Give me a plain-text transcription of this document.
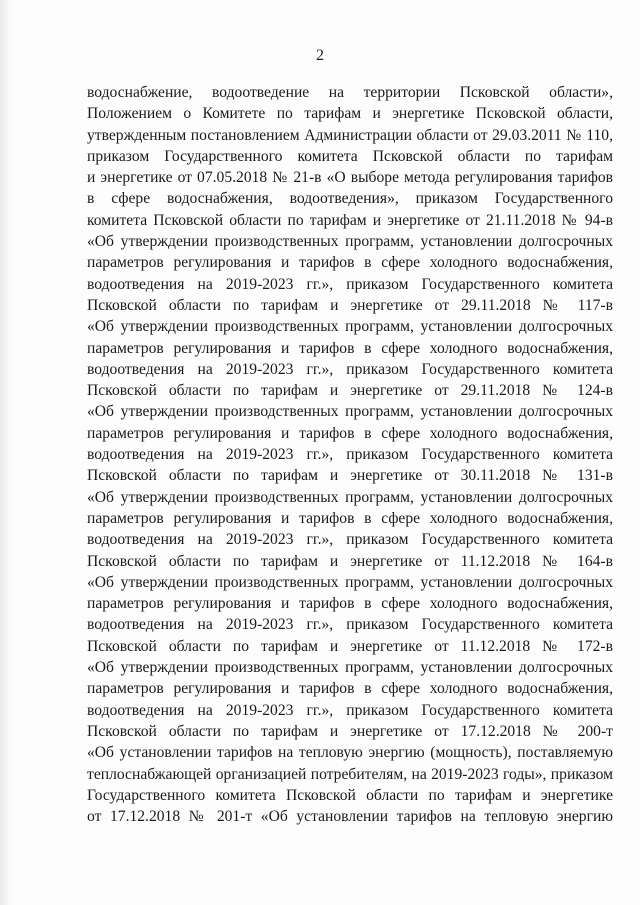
2
водоснабжение, водоотведение на территории Псковской области»,
Положением о Комитете по тарифам и энергетике Псковской области,
утвержденным постановлением Администрации области от 29.03.2011 № 110,
приказом Государственного комитета Псковской области по тарифам
и энергетике от 07.05.2018 № 21-в «О выборе метода регулирования тарифов
в сфере водоснабжения, водоотведения», приказом Государственного
комитета Псковской области по тарифам и энергетике от 21.11.2018 № 94-в
«Об утверждении производственных программ, установлении долгосрочных
параметров регулирования и тарифов в сфере холодного водоснабжения,
водоотведения на 2019-2023 гг.», приказом Государственного комитета
Псковской области по тарифам и энергетике от 29.11.2018 № 117-в
«Об утверждении производственных программ, установлении долгосрочных
параметров регулирования и тарифов в сфере холодного водоснабжения,
водоотведения на 2019-2023 гг.», приказом Государственного комитета
Псковской области по тарифам и энергетике от 29.11.2018 № 124-в
«Об утверждении производственных программ, установлении долгосрочных
параметров регулирования и тарифов в сфере холодного водоснабжения,
водоотведения на 2019-2023 гг.», приказом Государственного комитета
Псковской области по тарифам и энергетике от 30.11.2018 № 131-в
«Об утверждении производственных программ, установлении долгосрочных
параметров регулирования и тарифов в сфере холодного водоснабжения,
водоотведения на 2019-2023 гг.», приказом Государственного комитета
Псковской области по тарифам и энергетике от 11.12.2018 № 164-в
«Об утверждении производственных программ, установлении долгосрочных
параметров регулирования и тарифов в сфере холодного водоснабжения,
водоотведения на 2019-2023 гг.», приказом Государственного комитета
Псковской области по тарифам и энергетике от 11.12.2018 № 172-в
«Об утверждении производственных программ, установлении долгосрочных
параметров регулирования и тарифов в сфере холодного водоснабжения,
водоотведения на 2019-2023 гг.», приказом Государственного комитета
Псковской области по тарифам и энергетике от 17.12.2018 № 200-т
«Об установлении тарифов на тепловую энергию (мощность), поставляемую
теплоснабжающей организацией потребителям, на 2019-2023 годы», приказом
Государственного комитета Псковской области по тарифам и энергетике
от 17.12.2018 № 201-т «Об установлении тарифов на тепловую энергию
